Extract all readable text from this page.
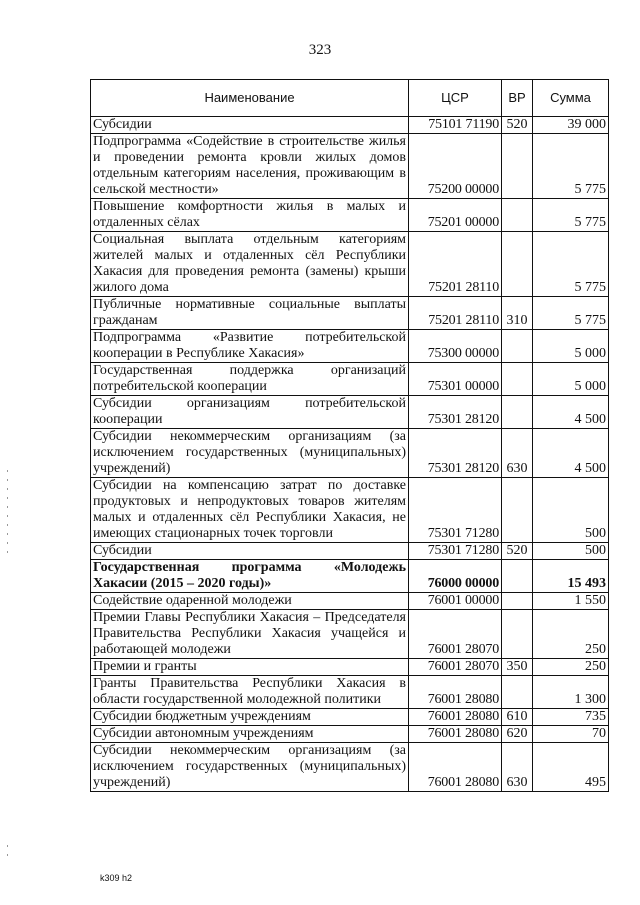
323
Наименование	ЦСР	ВР	Сумма
Субсидии	75101 71190	520	39 000
Подпрограмма «Содействие в строительстве жилья и проведении ремонта кровли жилых домов отдельным категориям населения, проживающим в сельской местности»	75200 00000		5 775
Повышение комфортности жилья в малых и отдаленных сёлах	75201 00000		5 775
Социальная выплата отдельным категориям жителей малых и отдаленных сёл Республики Хакасия для проведения ремонта (замены) крыши жилого дома	75201 28110		5 775
Публичные нормативные социальные выплаты гражданам	75201 28110	310	5 775
Подпрограмма «Развитие потребительской кооперации в Республике Хакасия»	75300 00000		5 000
Государственная поддержка организаций потребительской кооперации	75301 00000		5 000
Субсидии организациям потребительской кооперации	75301 28120		4 500
Субсидии некоммерческим организациям (за исключением государственных (муниципальных) учреждений)	75301 28120	630	4 500
Субсидии на компенсацию затрат по доставке продуктовых и непродуктовых товаров жителям малых и отдаленных сёл Республики Хакасия, не имеющих стационарных точек торговли	75301 71280		500
Субсидии	75301 71280	520	500
Государственная программа «Молодежь Хакасии (2015 – 2020 годы)»	76000 00000		15 493
Содействие одаренной молодежи	76001 00000		1 550
Премии Главы Республики Хакасия – Председателя Правительства Республики Хакасия учащейся и работающей молодежи	76001 28070		250
Премии и гранты	76001 28070	350	250
Гранты Правительства Республики Хакасия в области государственной молодежной политики	76001 28080		1 300
Субсидии бюджетным учреждениям	76001 28080	610	735
Субсидии автономным учреждениям	76001 28080	620	70
Субсидии некоммерческим организациям (за исключением государственных (муниципальных) учреждений)	76001 28080	630	495
k309 h2
